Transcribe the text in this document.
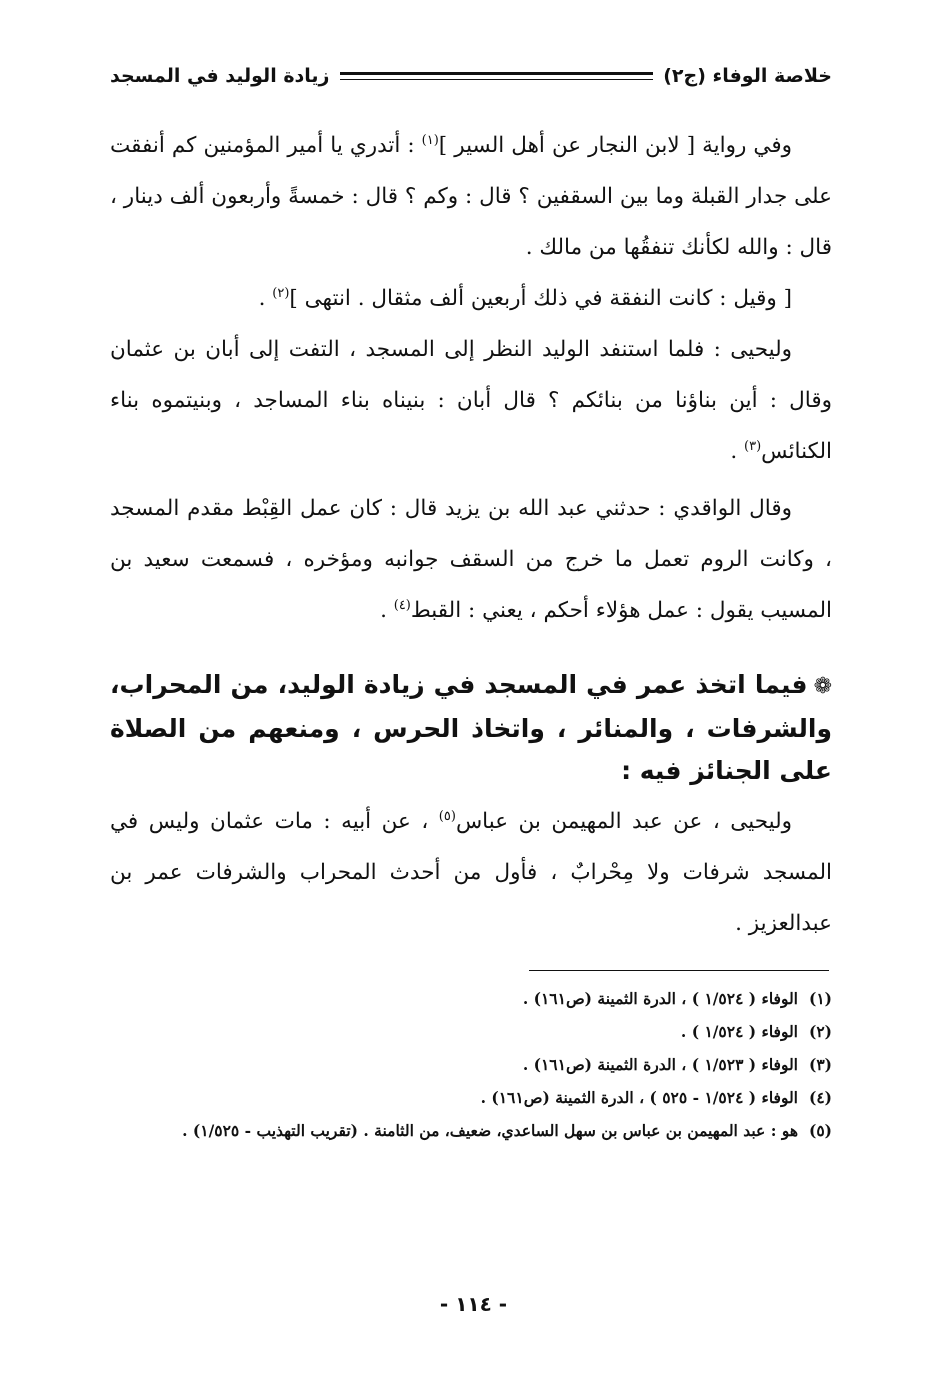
خلاصة الوفاء (ج٢)
زيادة الوليد في المسجد

وفي رواية [ لابن النجار عن أهل السير ]$^{(١)}$ : أتدري يا أمير المؤمنين كم أنفقت على جدار القبلة وما بين السقفين ؟ قال : وكم ؟ قال : خمسةً وأربعون ألف دينار ، قال : والله لكأنك تنفقُها من مالك .

[ وقيل : كانت النفقة في ذلك أربعين ألف مثقال . انتهى ]$^{(٢)}$ .

وليحيى : فلما استنفد الوليد النظر إلى المسجد ، التفت إلى أبان بن عثمان وقال : أين بناؤنا من بنائكم ؟ قال أبان : بنيناه بناء المساجد ، وبنيتموه بناء الكنائس$^{(٣)}$ .

وقال الواقدي : حدثني عبد الله بن يزيد قال : كان عمل القِبْط مقدم المسجد ، وكانت الروم تعمل ما خرج من السقف جوانبه ومؤخره ، فسمعت سعيد بن المسيب يقول : عمل هؤلاء أحكم ، يعني : القبط$^{(٤)}$ .

❁فيما اتخذ عمر في المسجد في زيادة الوليد، من المحراب، والشرفات ، والمنائر ، واتخاذ الحرس ، ومنعهم من الصلاة على الجنائز فيه :

وليحيى ، عن عبد المهيمن بن عباس$^{(٥)}$ ، عن أبيه : مات عثمان وليس في المسجد شرفات ولا مِحْرابٌ ، فأول من أحدث المحراب والشرفات عمر بن عبدالعزيز .

(١)
الوفاء ( ١/٥٢٤ ) ، الدرة الثمينة (ص١٦١) .

(٢)
الوفاء ( ١/٥٢٤ ) .

(٣)
الوفاء ( ١/٥٢٣ ) ، الدرة الثمينة (ص١٦١) .

(٤)
الوفاء ( ١/٥٢٤ - ٥٢٥ ) ، الدرة الثمينة (ص١٦١) .

(٥)
هو : عبد المهيمن بن عباس بن سهل الساعدي، ضعيف، من الثامنة . (تقريب التهذيب - ١/٥٢٥) .

- ١١٤ -
